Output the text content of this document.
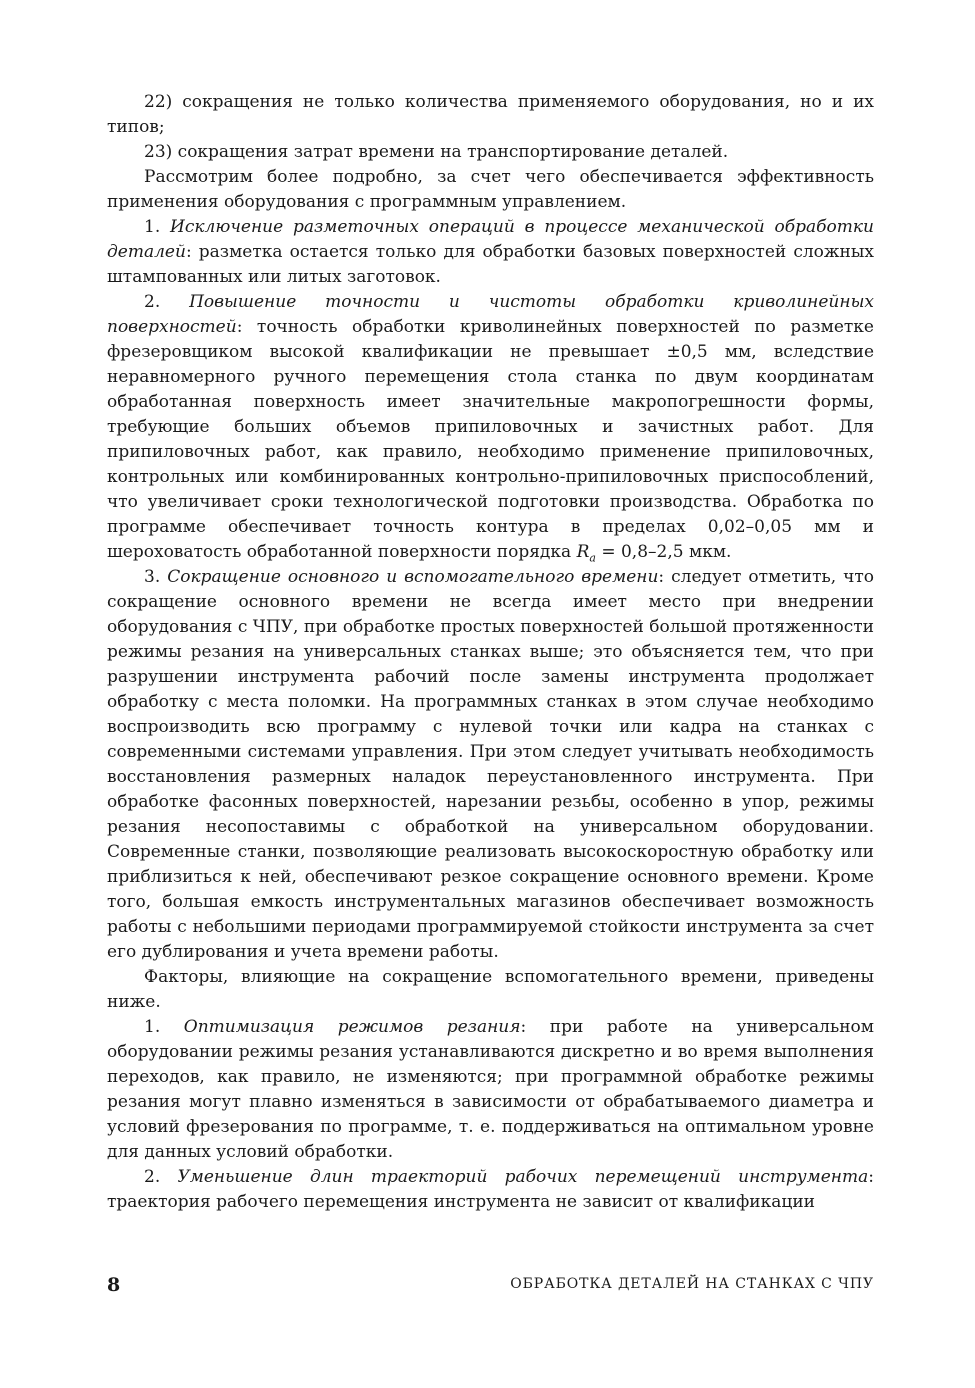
22) сокращения не только количества применяемого оборудования, но и их типов;

23) сокращения затрат времени на транспортирование деталей.

Рассмотрим более подробно, за счет чего обеспечивается эффективность применения оборудования с программным управлением.

1. Исключение разметочных операций в процессе механической обработки деталей: разметка остается только для обработки базовых поверхностей сложных штампованных или литых заготовок.

2. Повышение точности и чистоты обработки криволинейных поверхностей: точность обработки криволинейных поверхностей по разметке фрезеровщиком высокой квалификации не превышает ±0,5 мм, вследствие неравномерного ручного перемещения стола станка по двум координатам обработанная поверхность имеет значительные макропогрешности формы, требующие больших объемов припиловочных и зачистных работ. Для припиловочных работ, как правило, необходимо применение припиловочных, контрольных или комбинированных контрольно-припиловочных приспособлений, что увеличивает сроки технологической подготовки производства. Обработка по программе обеспечивает точность контура в пределах 0,02–0,05 мм и шероховатость обработанной поверхности порядка $R_a = 0,8-2,5$ мкм.

3. Сокращение основного и вспомогательного времени: следует отметить, что сокращение основного времени не всегда имеет место при внедрении оборудования с ЧПУ, при обработке простых поверхностей большой протяженности режимы резания на универсальных станках выше; это объясняется тем, что при разрушении инструмента рабочий после замены инструмента продолжает обработку с места поломки. На программных станках в этом случае необходимо воспроизводить всю программу с нулевой точки или кадра на станках с современными системами управления. При этом следует учитывать необходимость восстановления размерных наладок переустановленного инструмента. При обработке фасонных поверхностей, нарезании резьбы, особенно в упор, режимы резания несопоставимы с обработкой на универсальном оборудовании. Современные станки, позволяющие реализовать высокоскоростную обработку или приблизиться к ней, обеспечивают резкое сокращение основного времени. Кроме того, большая емкость инструментальных магазинов обеспечивает возможность работы с небольшими периодами программируемой стойкости инструмента за счет его дублирования и учета времени работы.

Факторы, влияющие на сокращение вспомогательного времени, приведены ниже.

1. Оптимизация режимов резания: при работе на универсальном оборудовании режимы резания устанавливаются дискретно и во время выполнения переходов, как правило, не изменяются; при программной обработке режимы резания могут плавно изменяться в зависимости от обрабатываемого диаметра и условий фрезерования по программе, т. е. поддерживаться на оптимальном уровне для данных условий обработки.

2. Уменьшение длин траекторий рабочих перемещений инструмента: траектория рабочего перемещения инструмента не зависит от квалификации

8	ОБРАБОТКА ДЕТАЛЕЙ НА СТАНКАХ С ЧПУ
